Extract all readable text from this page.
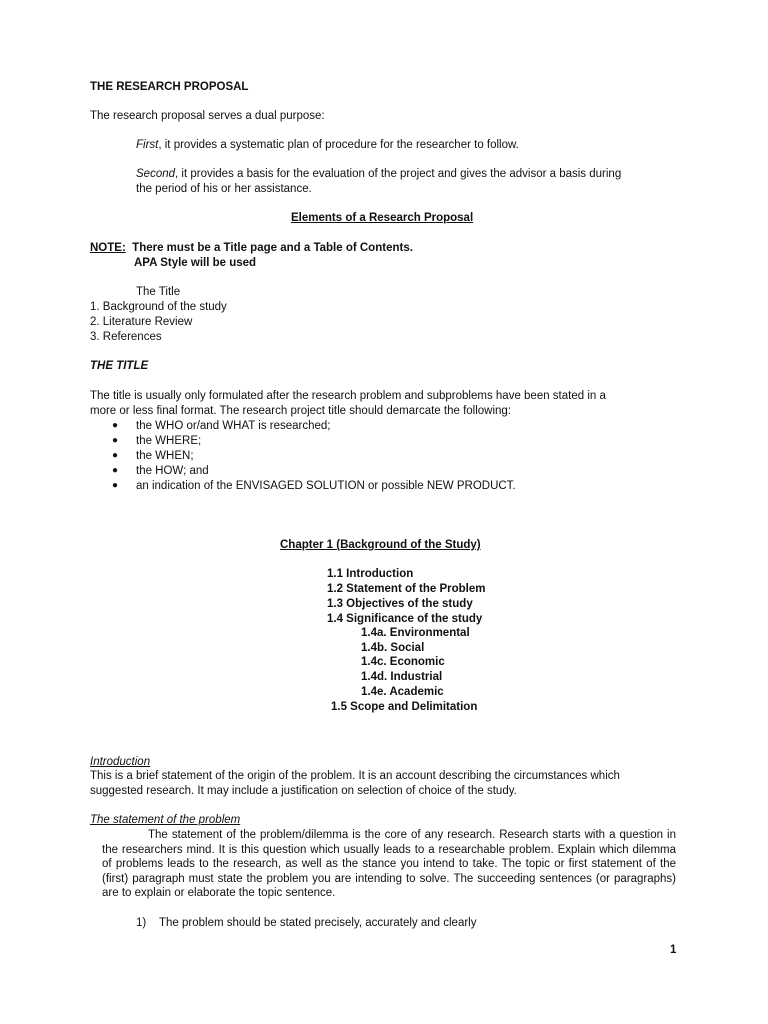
THE RESEARCH PROPOSAL
The research proposal serves a dual purpose:
First, it provides a systematic plan of procedure for the researcher to follow.
Second, it provides a basis for the evaluation of the project and gives the advisor a basis during
the period of his or her assistance.
Elements of a Research Proposal
NOTE: There must be a Title page and a Table of Contents.
APA Style will be used
The Title
1. Background of the study
2. Literature Review
3. References
THE TITLE
The title is usually only formulated after the research problem and subproblems have been stated in a
more or less final format. The research project title should demarcate the following:
● the WHO or/and WHAT is researched;
● the WHERE;
● the WHEN;
● the HOW; and
● an indication of the ENVISAGED SOLUTION or possible NEW PRODUCT.
Chapter 1 (Background of the Study)
1.1 Introduction
1.2 Statement of the Problem
1.3 Objectives of the study
1.4 Significance of the study
1.4a. Environmental
1.4b. Social
1.4c. Economic
1.4d. Industrial
1.4e. Academic
1.5 Scope and Delimitation
Introduction
This is a brief statement of the origin of the problem. It is an account describing the circumstances which
suggested research. It may include a justification on selection of choice of the study.
The statement of the problem
The statement of the problem/dilemma is the core of any research. Research starts with a question in the researchers mind. It is this question which usually leads to a researchable problem. Explain which dilemma of problems leads to the research, as well as the stance you intend to take. The topic or first statement of the (first) paragraph must state the problem you are intending to solve. The succeeding sentences (or paragraphs) are to explain or elaborate the topic sentence.
1) The problem should be stated precisely, accurately and clearly
1
